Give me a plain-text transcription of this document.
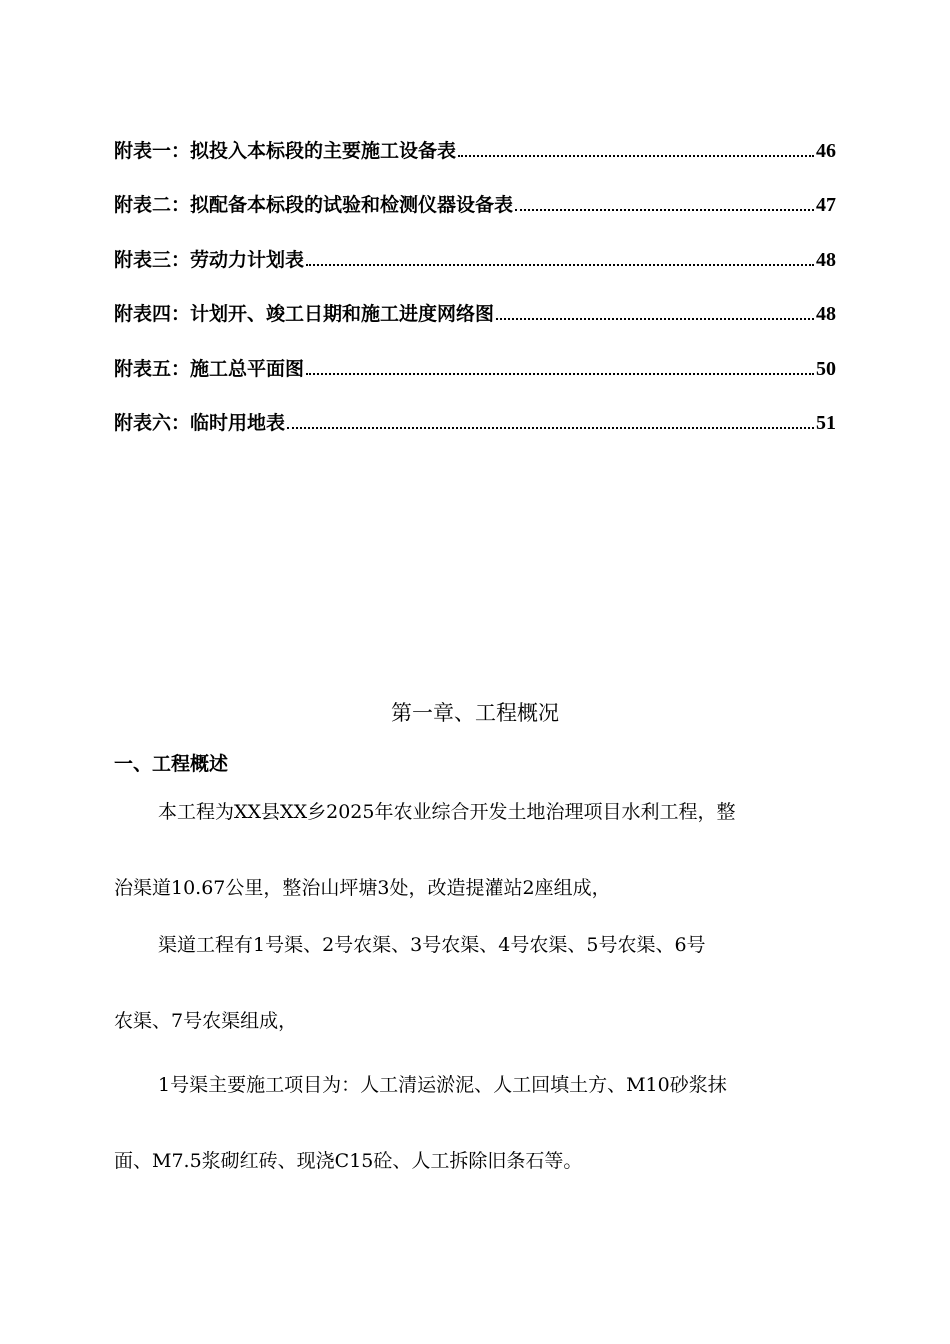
附表一：拟投入本标段的主要施工设备表	46
附表二：拟配备本标段的试验和检测仪器设备表	47
附表三：劳动力计划表	48
附表四：计划开、竣工日期和施工进度网络图	48
附表五：施工总平面图	50
附表六：临时用地表	51
第一章、工程概况
一、工程概述
本工程为XX县XX乡2025年农业综合开发土地治理项目水利工程，整
治渠道10.67公里，整治山坪塘3处，改造提灌站2座组成，
渠道工程有1号渠、2号农渠、3号农渠、4号农渠、5号农渠、6号
农渠、7号农渠组成，
1号渠主要施工项目为：人工清运淤泥、人工回填土方、M10砂浆抹
面、M7.5浆砌红砖、现浇C15砼、人工拆除旧条石等。
